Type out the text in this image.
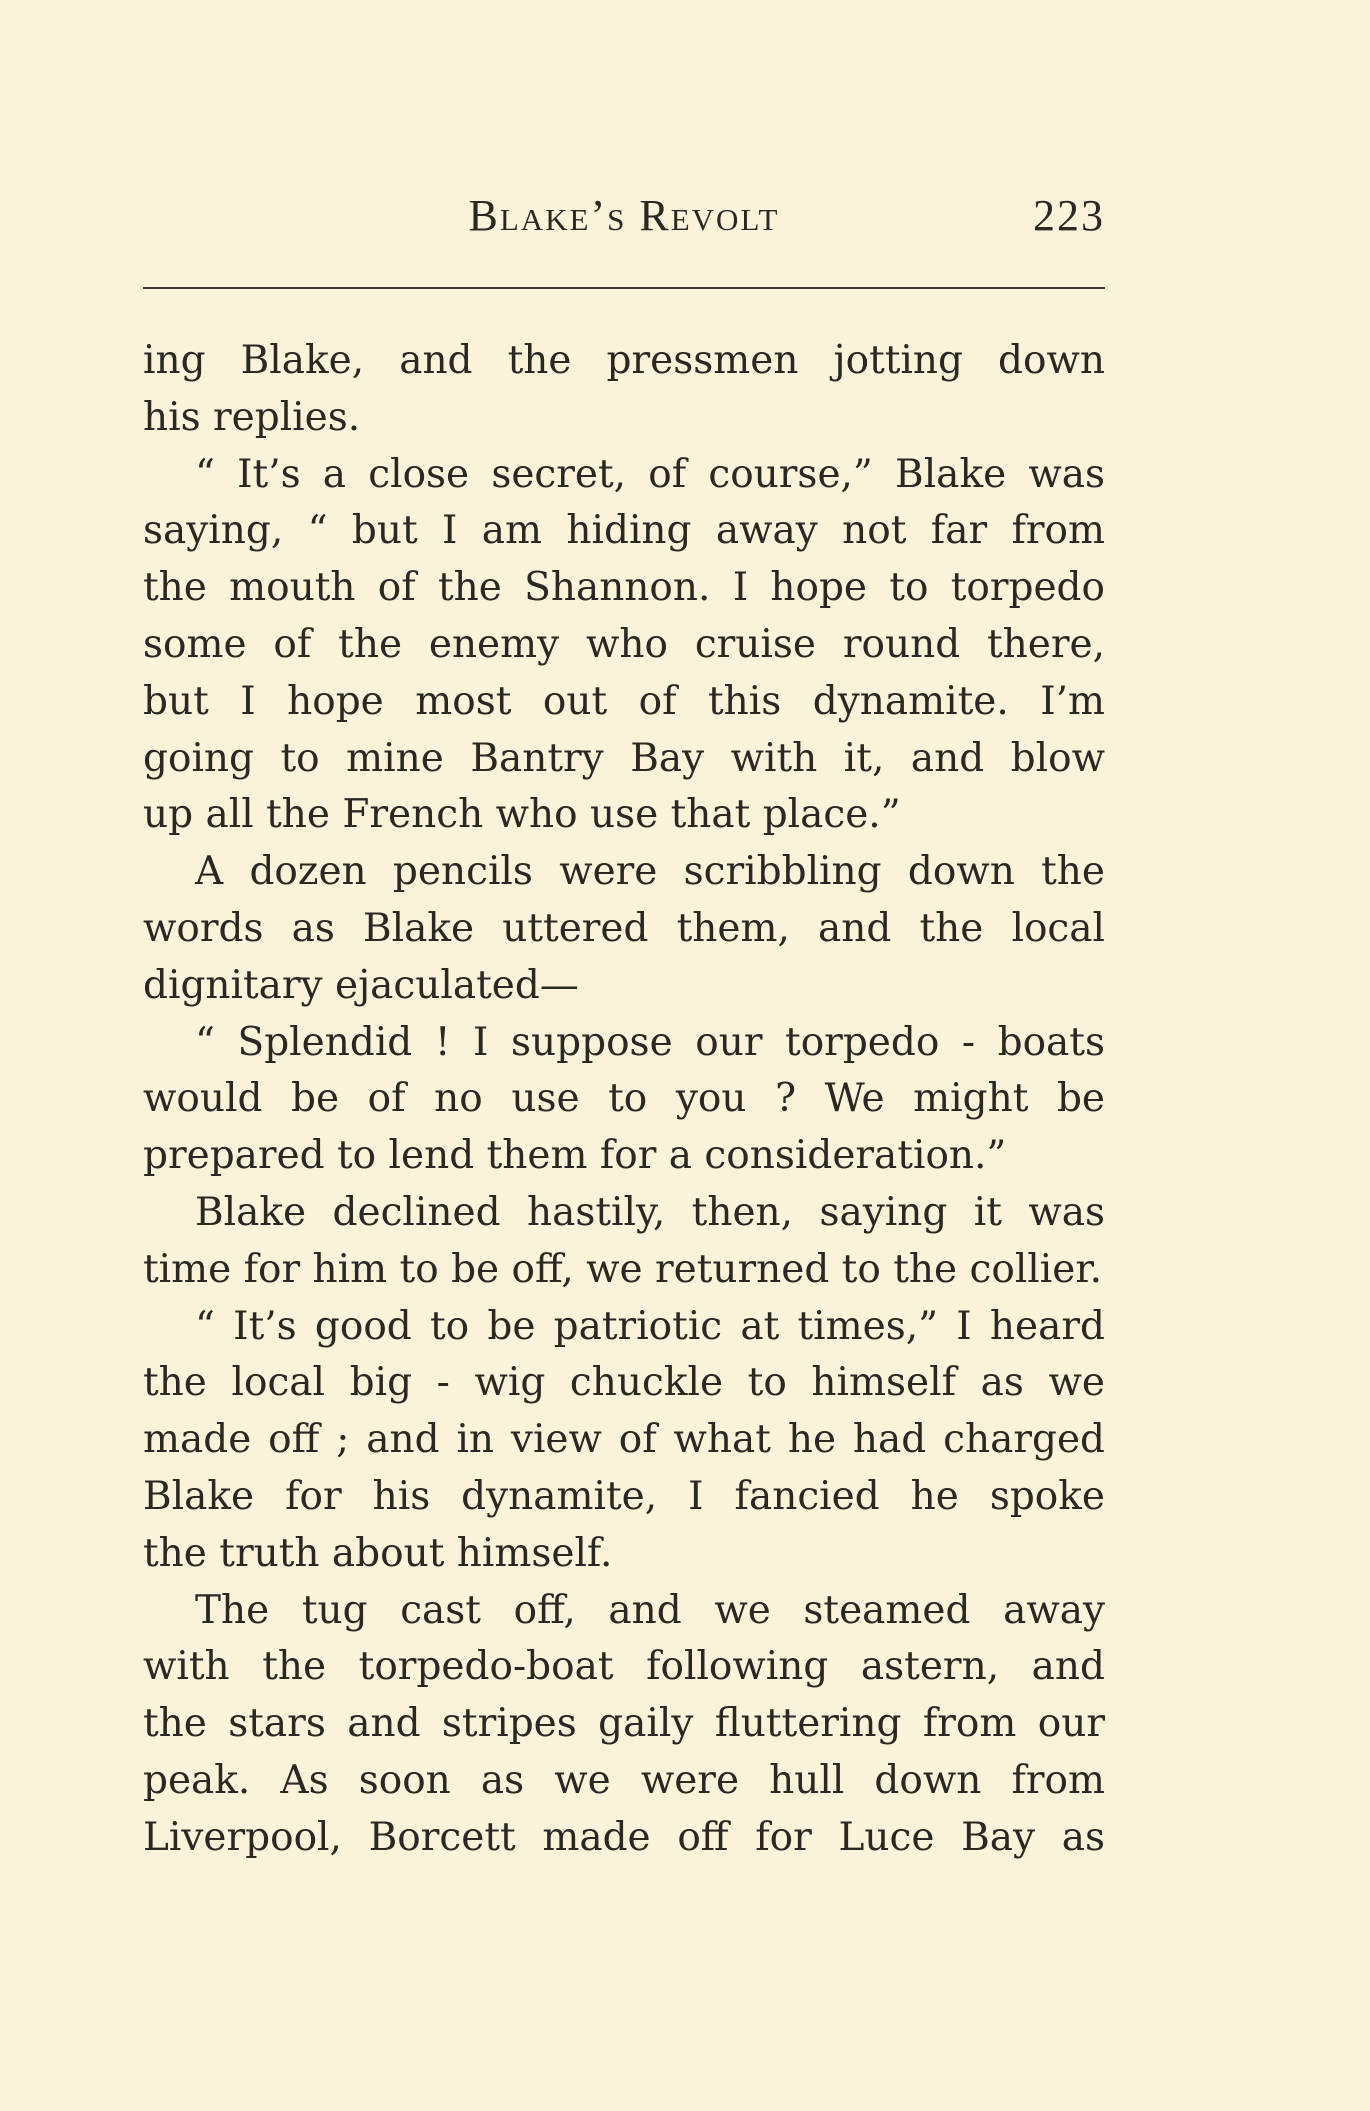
Blake’s Revolt	223
ing Blake, and the pressmen jotting down
his replies.
“ It’s a close secret, of course,” Blake was
saying, “ but I am hiding away not far from
the mouth of the Shannon. I hope to torpedo
some of the enemy who cruise round there,
but I hope most out of this dynamite. I’m
going to mine Bantry Bay with it, and blow
up all the French who use that place.”
A dozen pencils were scribbling down the
words as Blake uttered them, and the local
dignitary ejaculated—
“ Splendid ! I suppose our torpedo - boats
would be of no use to you ? We might be
prepared to lend them for a consideration.”
Blake declined hastily, then, saying it was
time for him to be off, we returned to the collier.
“ It’s good to be patriotic at times,” I heard
the local big - wig chuckle to himself as we
made off ; and in view of what he had charged
Blake for his dynamite, I fancied he spoke
the truth about himself.
The tug cast off, and we steamed away
with the torpedo-boat following astern, and
the stars and stripes gaily fluttering from our
peak. As soon as we were hull down from
Liverpool, Borcett made off for Luce Bay as
